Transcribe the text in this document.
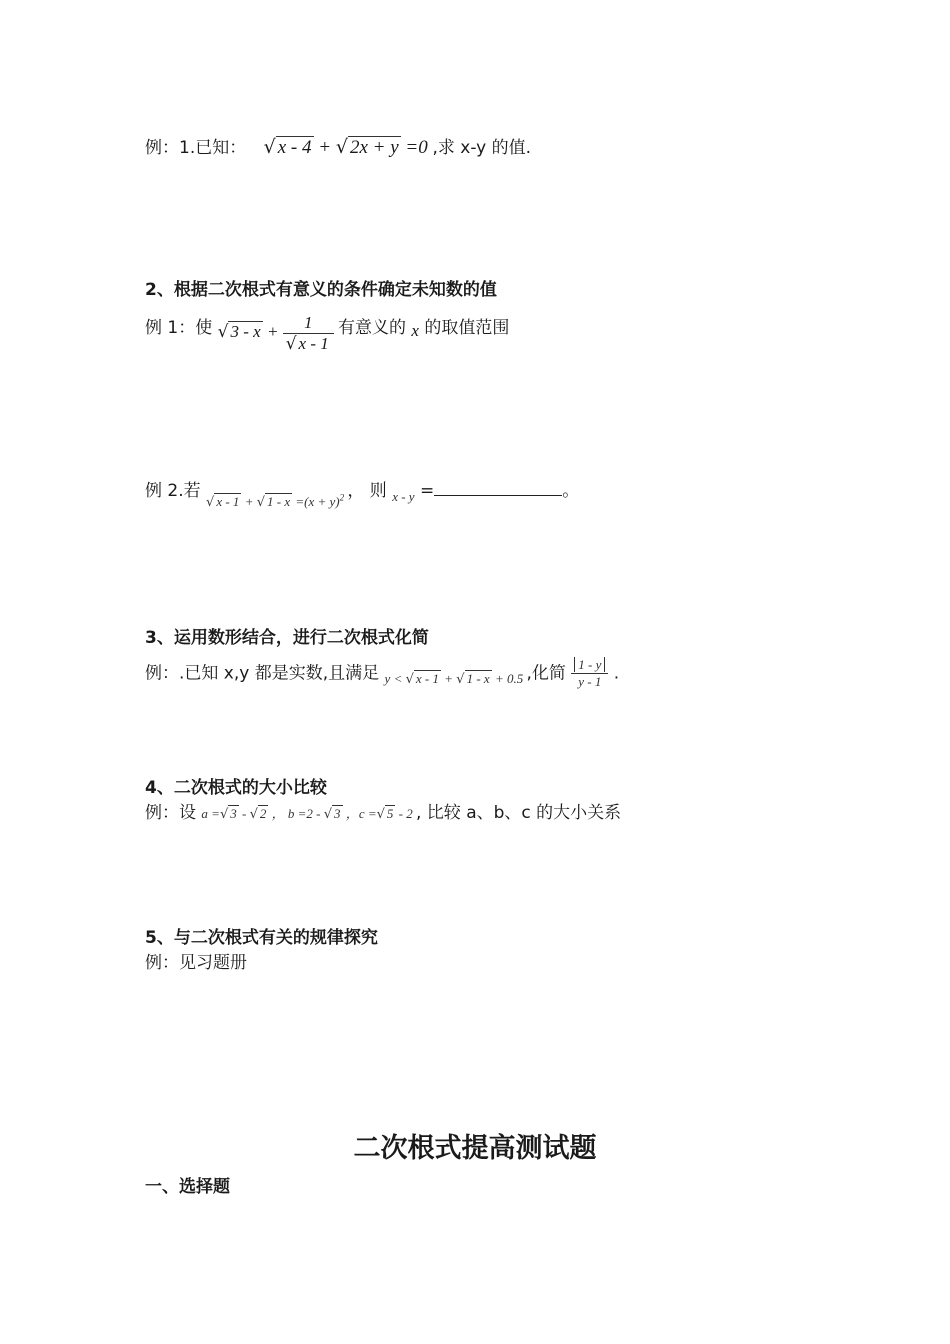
例：1.已知： √ x - 4 + √ 2x + y =0 ,求 x-y 的值.
2、根据二次根式有意义的条件确定未知数的值
例 1：使 √ $3 - x + \frac{1}{√ x - 1}$ 有意义的 x 的取值范围
例 2.若 $_{√ x - 1 + √ 1 - x =(x + y)^2}$ ， 则 $_{x - y}$ =	。
3、运用数形结合，进行二次根式化简
例：.已知 x,y 都是实数,且满足 $_{y < √ x - 1 + √ 1 - x + 0.5}$ ,化简 $\frac{1 - y}{y - 1}$ .
4、二次根式的大小比较
例：设 a =√ 3 - √ 2 ， b =2 - √ 3 ，c =√ 5 - 2 , 比较 a、b、c 的大小关系
5、与二次根式有关的规律探究
例：见习题册
二次根式提高测试题
一、选择题
